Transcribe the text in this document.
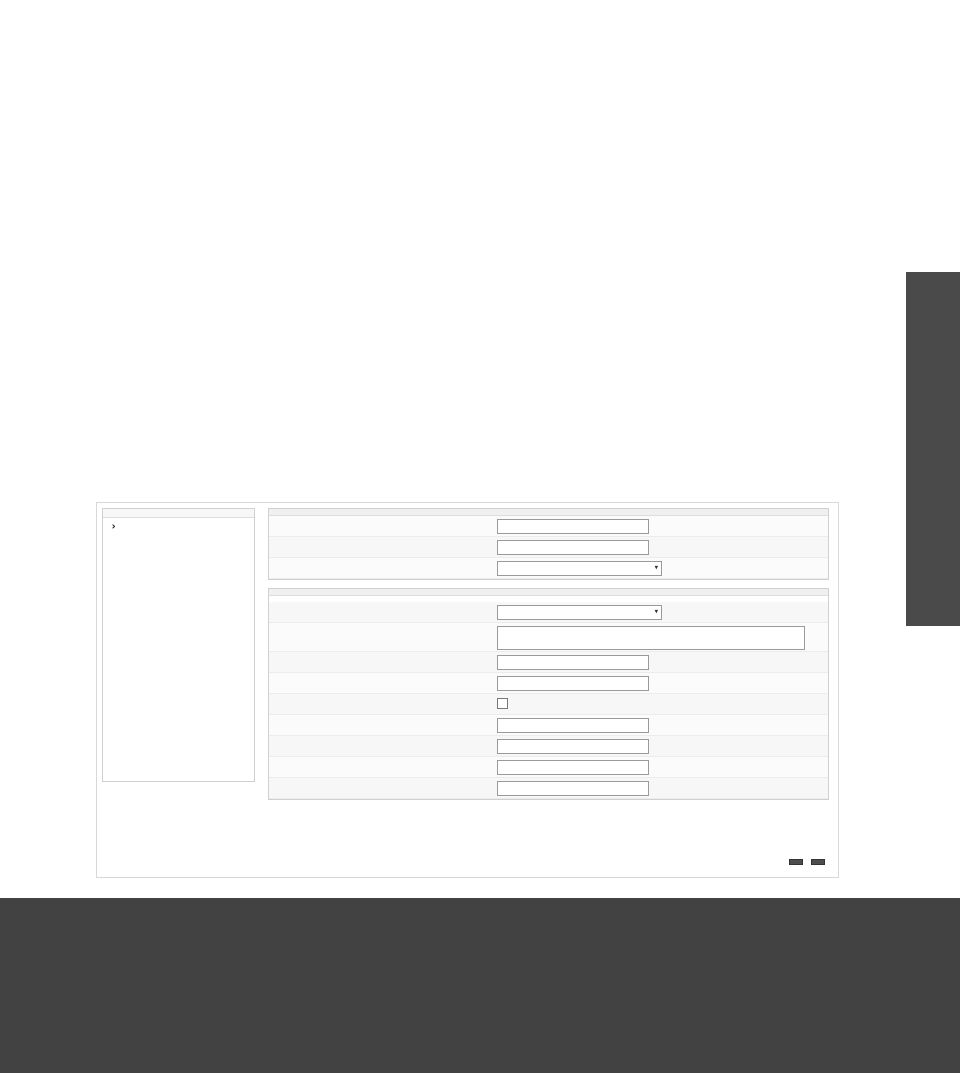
▾
▾
